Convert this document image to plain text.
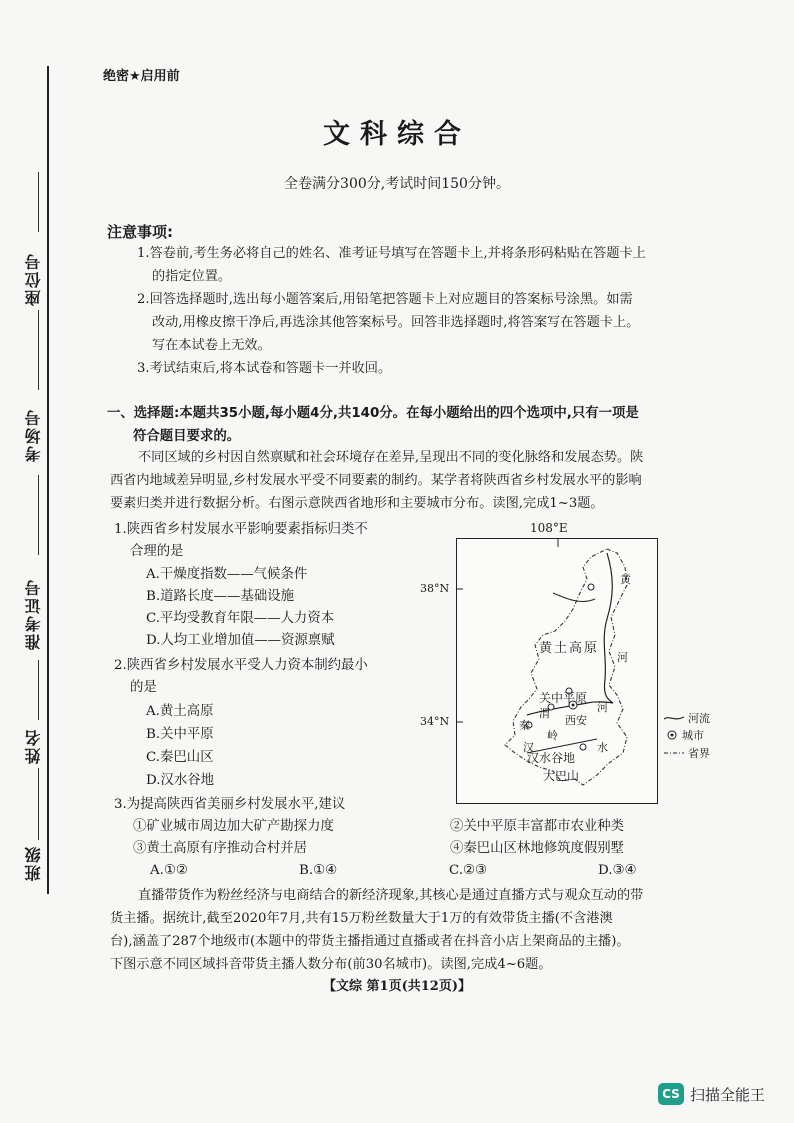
座位号
考场号
准考证号
姓名
班级
绝密★启用前
文科综合
全卷满分300分,考试时间150分钟。
注意事项:
1.答卷前,考生务必将自己的姓名、准考证号填写在答题卡上,并将条形码粘贴在答题卡上
的指定位置。
2.回答选择题时,选出每小题答案后,用铅笔把答题卡上对应题目的答案标号涂黑。如需
改动,用橡皮擦干净后,再选涂其他答案标号。回答非选择题时,将答案写在答题卡上。
写在本试卷上无效。
3.考试结束后,将本试卷和答题卡一并收回。
一、选择题:本题共35小题,每小题4分,共140分。在每小题给出的四个选项中,只有一项是
符合题目要求的。
不同区域的乡村因自然禀赋和社会环境存在差异,呈现出不同的变化脉络和发展态势。陕
西省内地域差异明显,乡村发展水平受不同要素的制约。某学者将陕西省乡村发展水平的影响
要素归类并进行数据分析。右图示意陕西省地形和主要城市分布。读图,完成1~3题。
1.陕西省乡村发展水平影响要素指标归类不
合理的是
A.干燥度指数——气候条件
B.道路长度——基础设施
C.平均受教育年限——人力资本
D.人均工业增加值——资源禀赋
2.陕西省乡村发展水平受人力资本制约最小
的是
A.黄土高原
B.关中平原
C.秦巴山区
D.汉水谷地
3.为提高陕西省美丽乡村发展水平,建议
①矿业城市周边加大矿产勘探力度	②关中平原丰富都市农业种类
③黄土高原有序推动合村并居	④秦巴山区林地修筑度假别墅
A.①②	B.①④	C.②③	D.③④
直播带货作为粉丝经济与电商结合的新经济现象,其核心是通过直播方式与观众互动的带
货主播。据统计,截至2020年7月,共有15万粉丝数量大于1万的有效带货主播(不含港澳
台),涵盖了287个地级市(本题中的带货主播指通过直播或者在抖音小店上架商品的主播)。
下图示意不同区域抖音带货主播人数分布(前30名城市)。读图,完成4~6题。
108°E
38°N
34°N
黄
河
黄土高原
关中平原
渭	河
西安
秦
岭
汉
汉水谷地
水
大巴山
河流
城市
省界
【文综 第1页(共12页)】
CS 扫描全能王
